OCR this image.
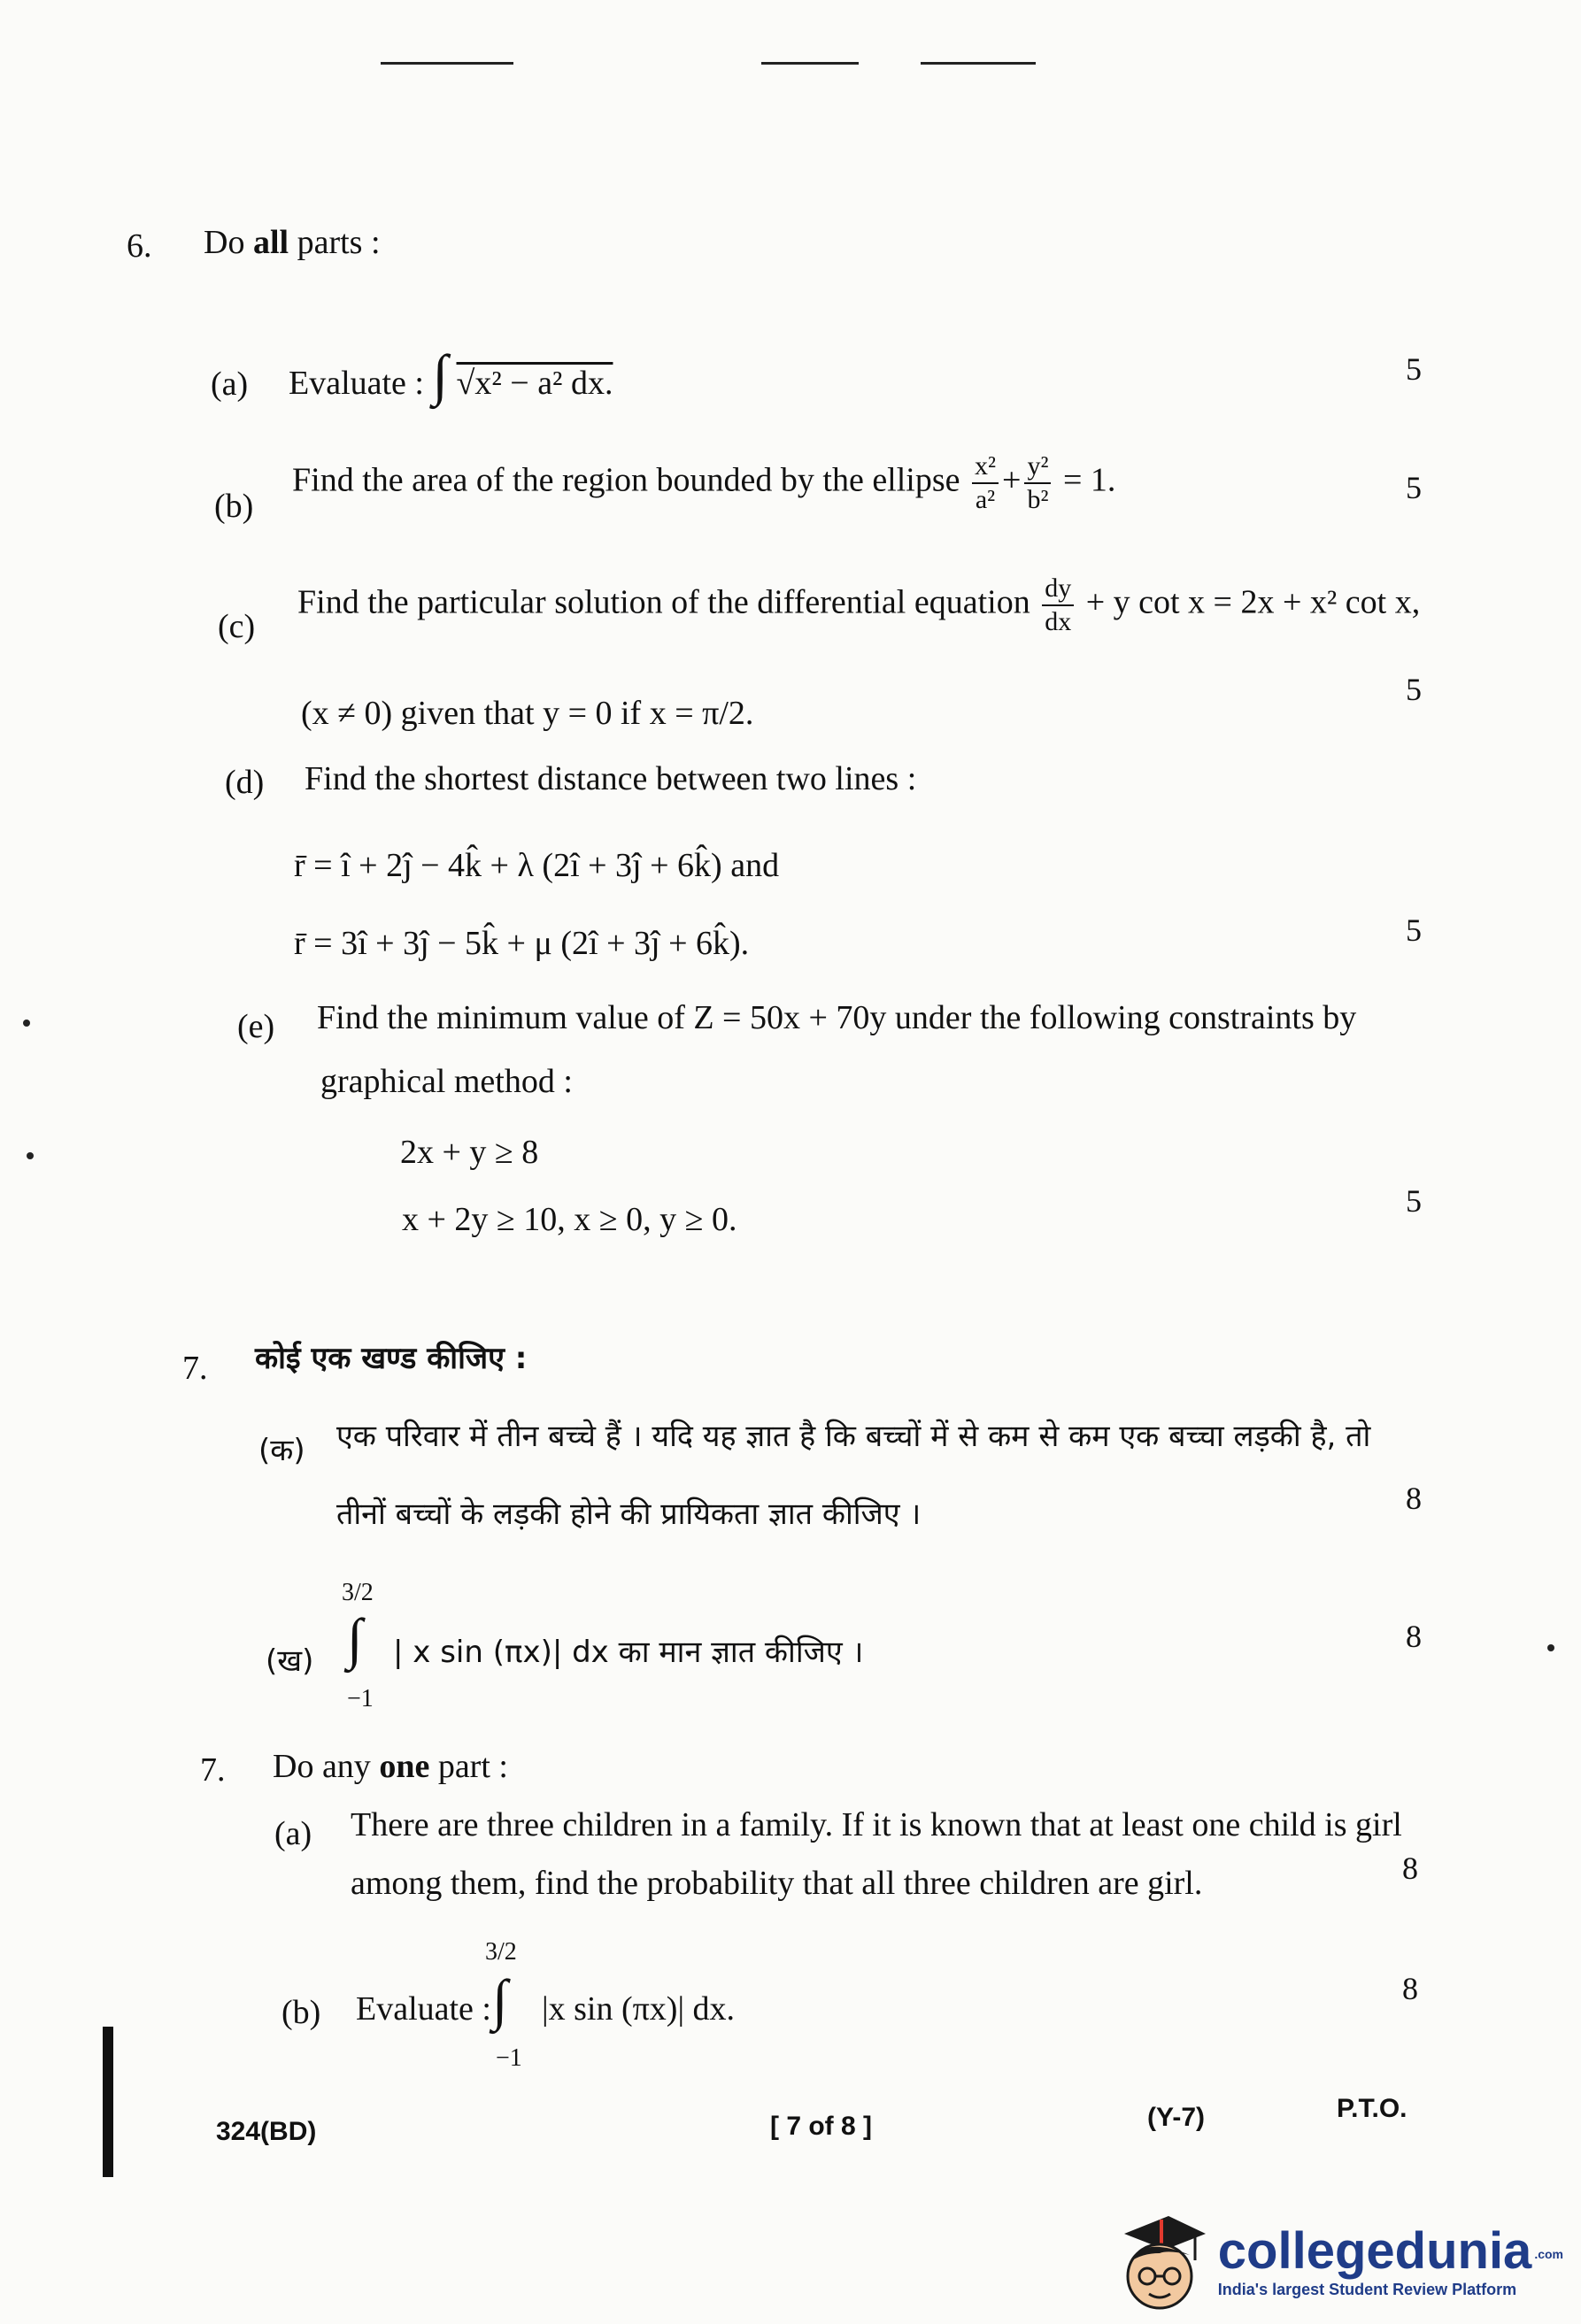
6. Do all parts :
(a) Evaluate : ∫ √x² − a² dx.	5
(b)
Find the area of the region bounded by the ellipse $\frac{\text{x²}}{\text{a²}} + \frac{\text{y²}}{\text{b²}} = 1$.	5
(c)
Find the particular solution of the differential equation $\frac{dy}{dx} + y$ cot x = 2x + x² cot x,
(x ≠ 0) given that y = 0 if x = π/2.
5
(d) Find the shortest distance between two lines :
r̄ = î + 2ĵ − 4k̂ + λ (2î + 3ĵ + 6k̂) and
r̄ = 3î + 3ĵ − 5k̂ + μ (2î + 3ĵ + 6k̂).	5
(e) Find the minimum value of Z = 50x + 70y under the following constraints by
graphical method :
2x + y ≥ 8
x + 2y ≥ 10, x ≥ 0, y ≥ 0.	5
7. कोई एक खण्ड कीजिए :
(क) एक परिवार में तीन बच्चे हैं । यदि यह ज्ञात है कि बच्चों में से कम से कम एक बच्चा लड़की है, तो
तीनों बच्चों के लड़की होने की प्रायिकता ज्ञात कीजिए ।	8
(ख)
3/2
∫
−1
| x sin (πx)| dx का मान ज्ञात कीजिए ।	8
7. Do any one part :
(a) There are three children in a family. If it is known that at least one child is girl
among them, find the probability that all three children are girl.	8
(b) Evaluate :
3/2
∫
−1
|x sin (πx)| dx.
8
324(BD)	[ 7 of 8 ]	(Y-7)	P.T.O.
collegedunia .com
India's largest Student Review Platform
